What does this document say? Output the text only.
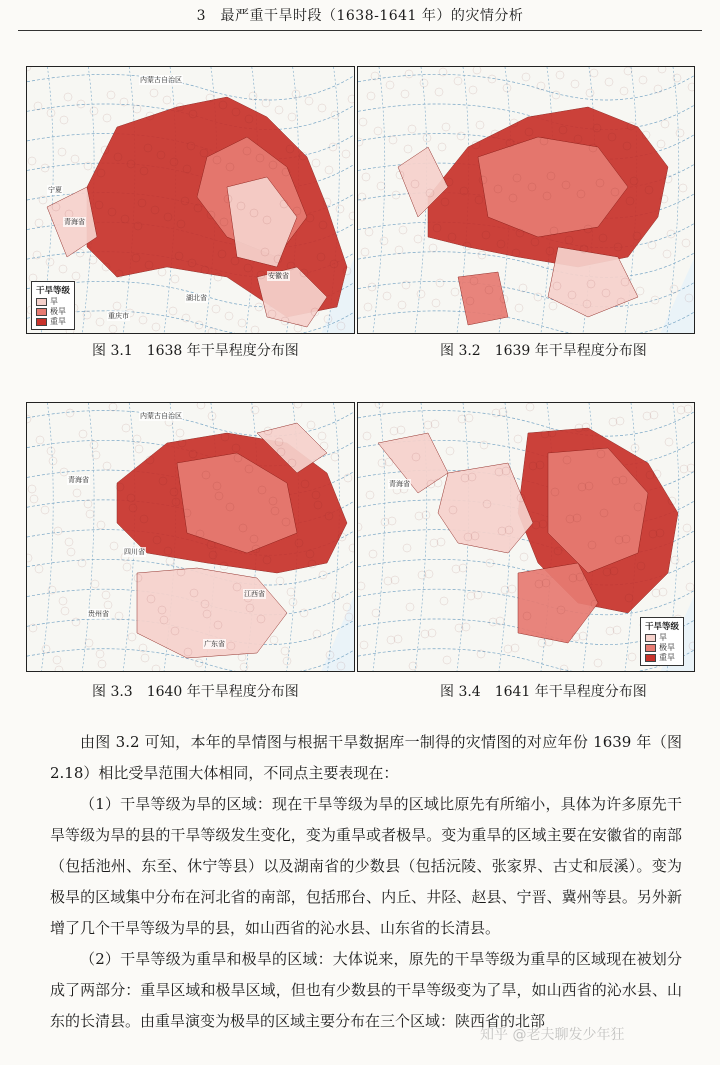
3　最严重干旱时段（1638-1641 年）的灾情分析
内蒙古自治区
宁夏
青海省
湖北省
重庆市
安徽省
干旱等级
旱
极旱
重旱
图 3.1　1638 年干旱程度分布图	图 3.2　1639 年干旱程度分布图
内蒙古自治区
青海省
四川省
江西省
贵州省
广东省
图 3.3　1640 年干旱程度分布图
青海省
干旱等级
旱
极旱
重旱
图 3.4　1641 年干旱程度分布图

由图 3.2 可知，本年的旱情图与根据干旱数据库一制得的灾情图的对应年份 1639 年（图 2.18）相比受旱范围大体相同，不同点主要表现在：

（1）干旱等级为旱的区域：现在干旱等级为旱的区域比原先有所缩小，具体为许多原先干旱等级为旱的县的干旱等级发生变化，变为重旱或者极旱。变为重旱的区域主要在安徽省的南部（包括池州、东至、休宁等县）以及湖南省的少数县（包括沅陵、张家界、古丈和辰溪）。变为极旱的区域集中分布在河北省的南部，包括邢台、内丘、井陉、赵县、宁晋、冀州等县。另外新增了几个干旱等级为旱的县，如山西省的沁水县、山东省的长清县。

（2）干旱等级为重旱和极旱的区域：大体说来，原先的干旱等级为重旱的区域现在被划分成了两部分：重旱区域和极旱区域，但也有少数县的干旱等级变为了旱，如山西省的沁水县、山东的长清县。由重旱演变为极旱的区域主要分布在三个区域：陕西省的北部

知乎 @老夫聊发少年狂
